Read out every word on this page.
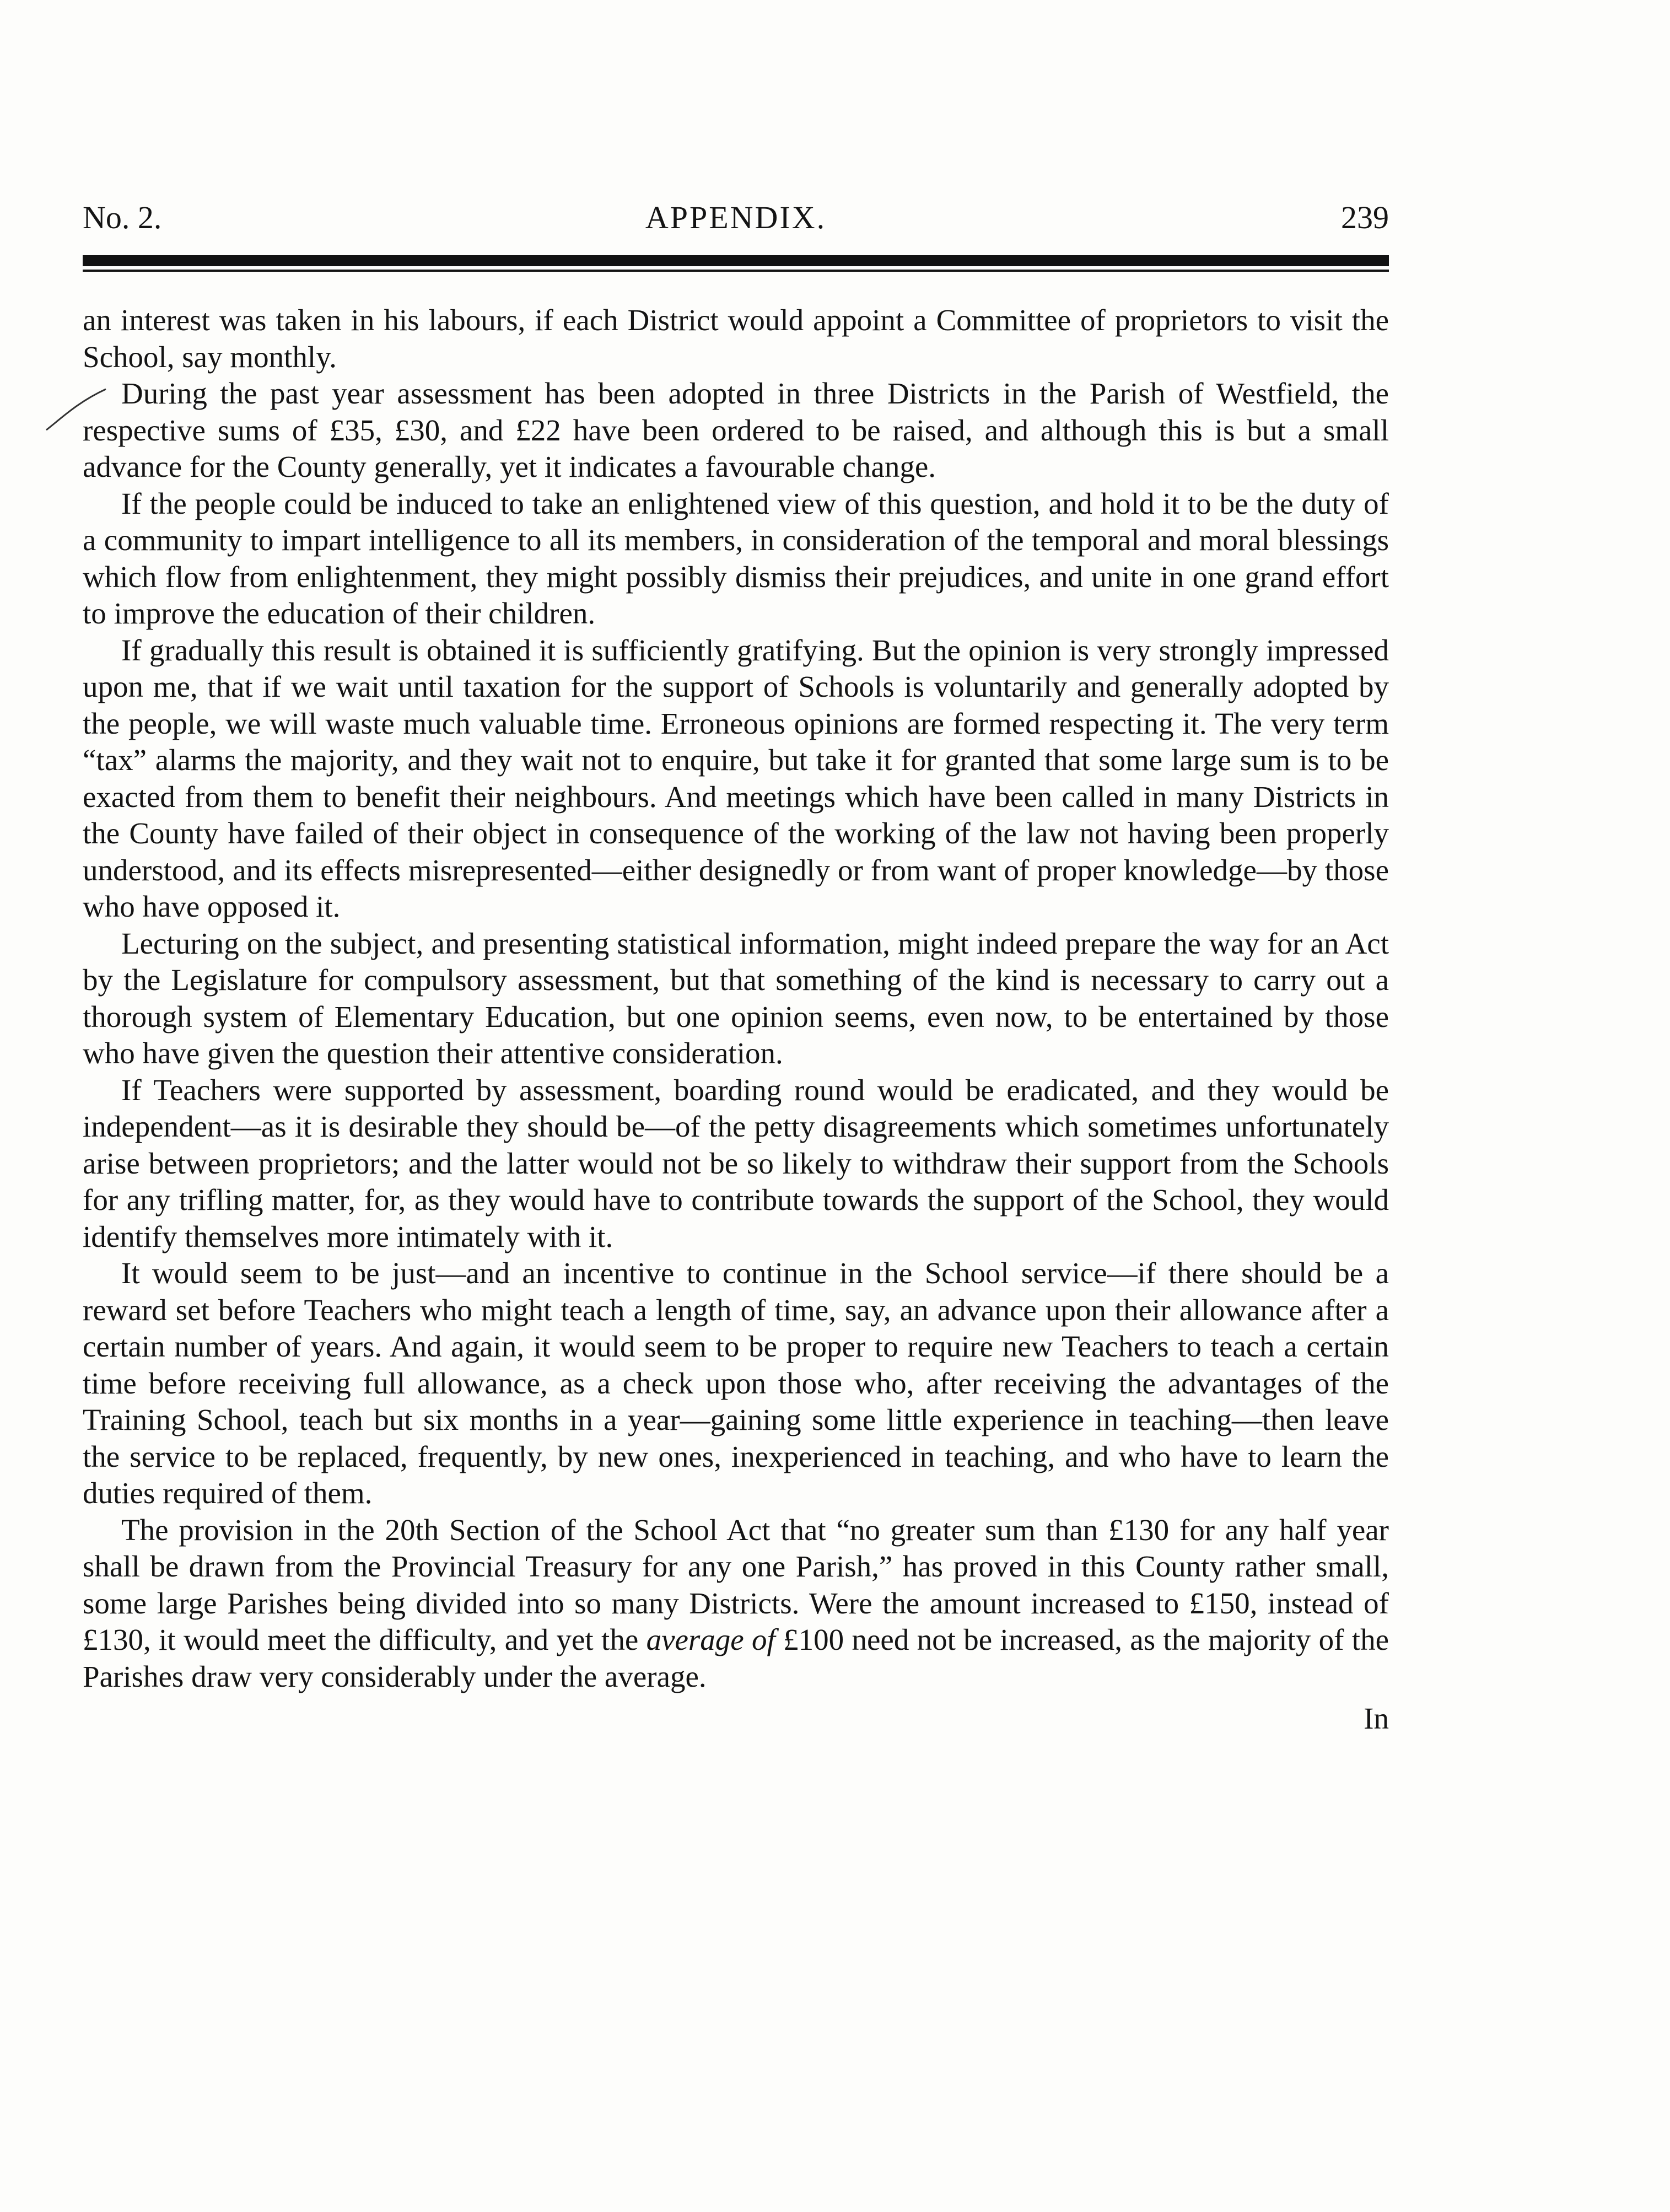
No. 2.	APPENDIX.	239

an interest was taken in his labours, if each District would appoint a Committee of proprietors to visit the School, say monthly.

During the past year assessment has been adopted in three Districts in the Parish of Westfield, the respective sums of £35, £30, and £22 have been ordered to be raised, and although this is but a small advance for the County generally, yet it indicates a favourable change.

If the people could be induced to take an enlightened view of this question, and hold it to be the duty of a community to impart intelligence to all its members, in consideration of the temporal and moral blessings which flow from enlightenment, they might possibly dismiss their prejudices, and unite in one grand effort to improve the education of their children.

If gradually this result is obtained it is sufficiently gratifying. But the opinion is very strongly impressed upon me, that if we wait until taxation for the support of Schools is voluntarily and generally adopted by the people, we will waste much valuable time. Erroneous opinions are formed respecting it. The very term “tax” alarms the majority, and they wait not to enquire, but take it for granted that some large sum is to be exacted from them to benefit their neighbours. And meetings which have been called in many Districts in the County have failed of their object in consequence of the working of the law not having been properly understood, and its effects misrepresented—either designedly or from want of proper knowledge—by those who have opposed it.

Lecturing on the subject, and presenting statistical information, might indeed prepare the way for an Act by the Legislature for compulsory assessment, but that something of the kind is necessary to carry out a thorough system of Elementary Education, but one opinion seems, even now, to be entertained by those who have given the question their attentive consideration.

If Teachers were supported by assessment, boarding round would be eradicated, and they would be independent—as it is desirable they should be—of the petty disagreements which sometimes unfortunately arise between proprietors; and the latter would not be so likely to withdraw their support from the Schools for any trifling matter, for, as they would have to contribute towards the support of the School, they would identify themselves more intimately with it.

It would seem to be just—and an incentive to continue in the School service—if there should be a reward set before Teachers who might teach a length of time, say, an advance upon their allowance after a certain number of years. And again, it would seem to be proper to require new Teachers to teach a certain time before receiving full allowance, as a check upon those who, after receiving the advantages of the Training School, teach but six months in a year—gaining some little experience in teaching—then leave the service to be replaced, frequently, by new ones, inexperienced in teaching, and who have to learn the duties required of them.

The provision in the 20th Section of the School Act that “no greater sum than £130 for any half year shall be drawn from the Provincial Treasury for any one Parish,” has proved in this County rather small, some large Parishes being divided into so many Districts. Were the amount increased to £150, instead of £130, it would meet the difficulty, and yet the average of £100 need not be increased, as the majority of the Parishes draw very considerably under the average.

In
